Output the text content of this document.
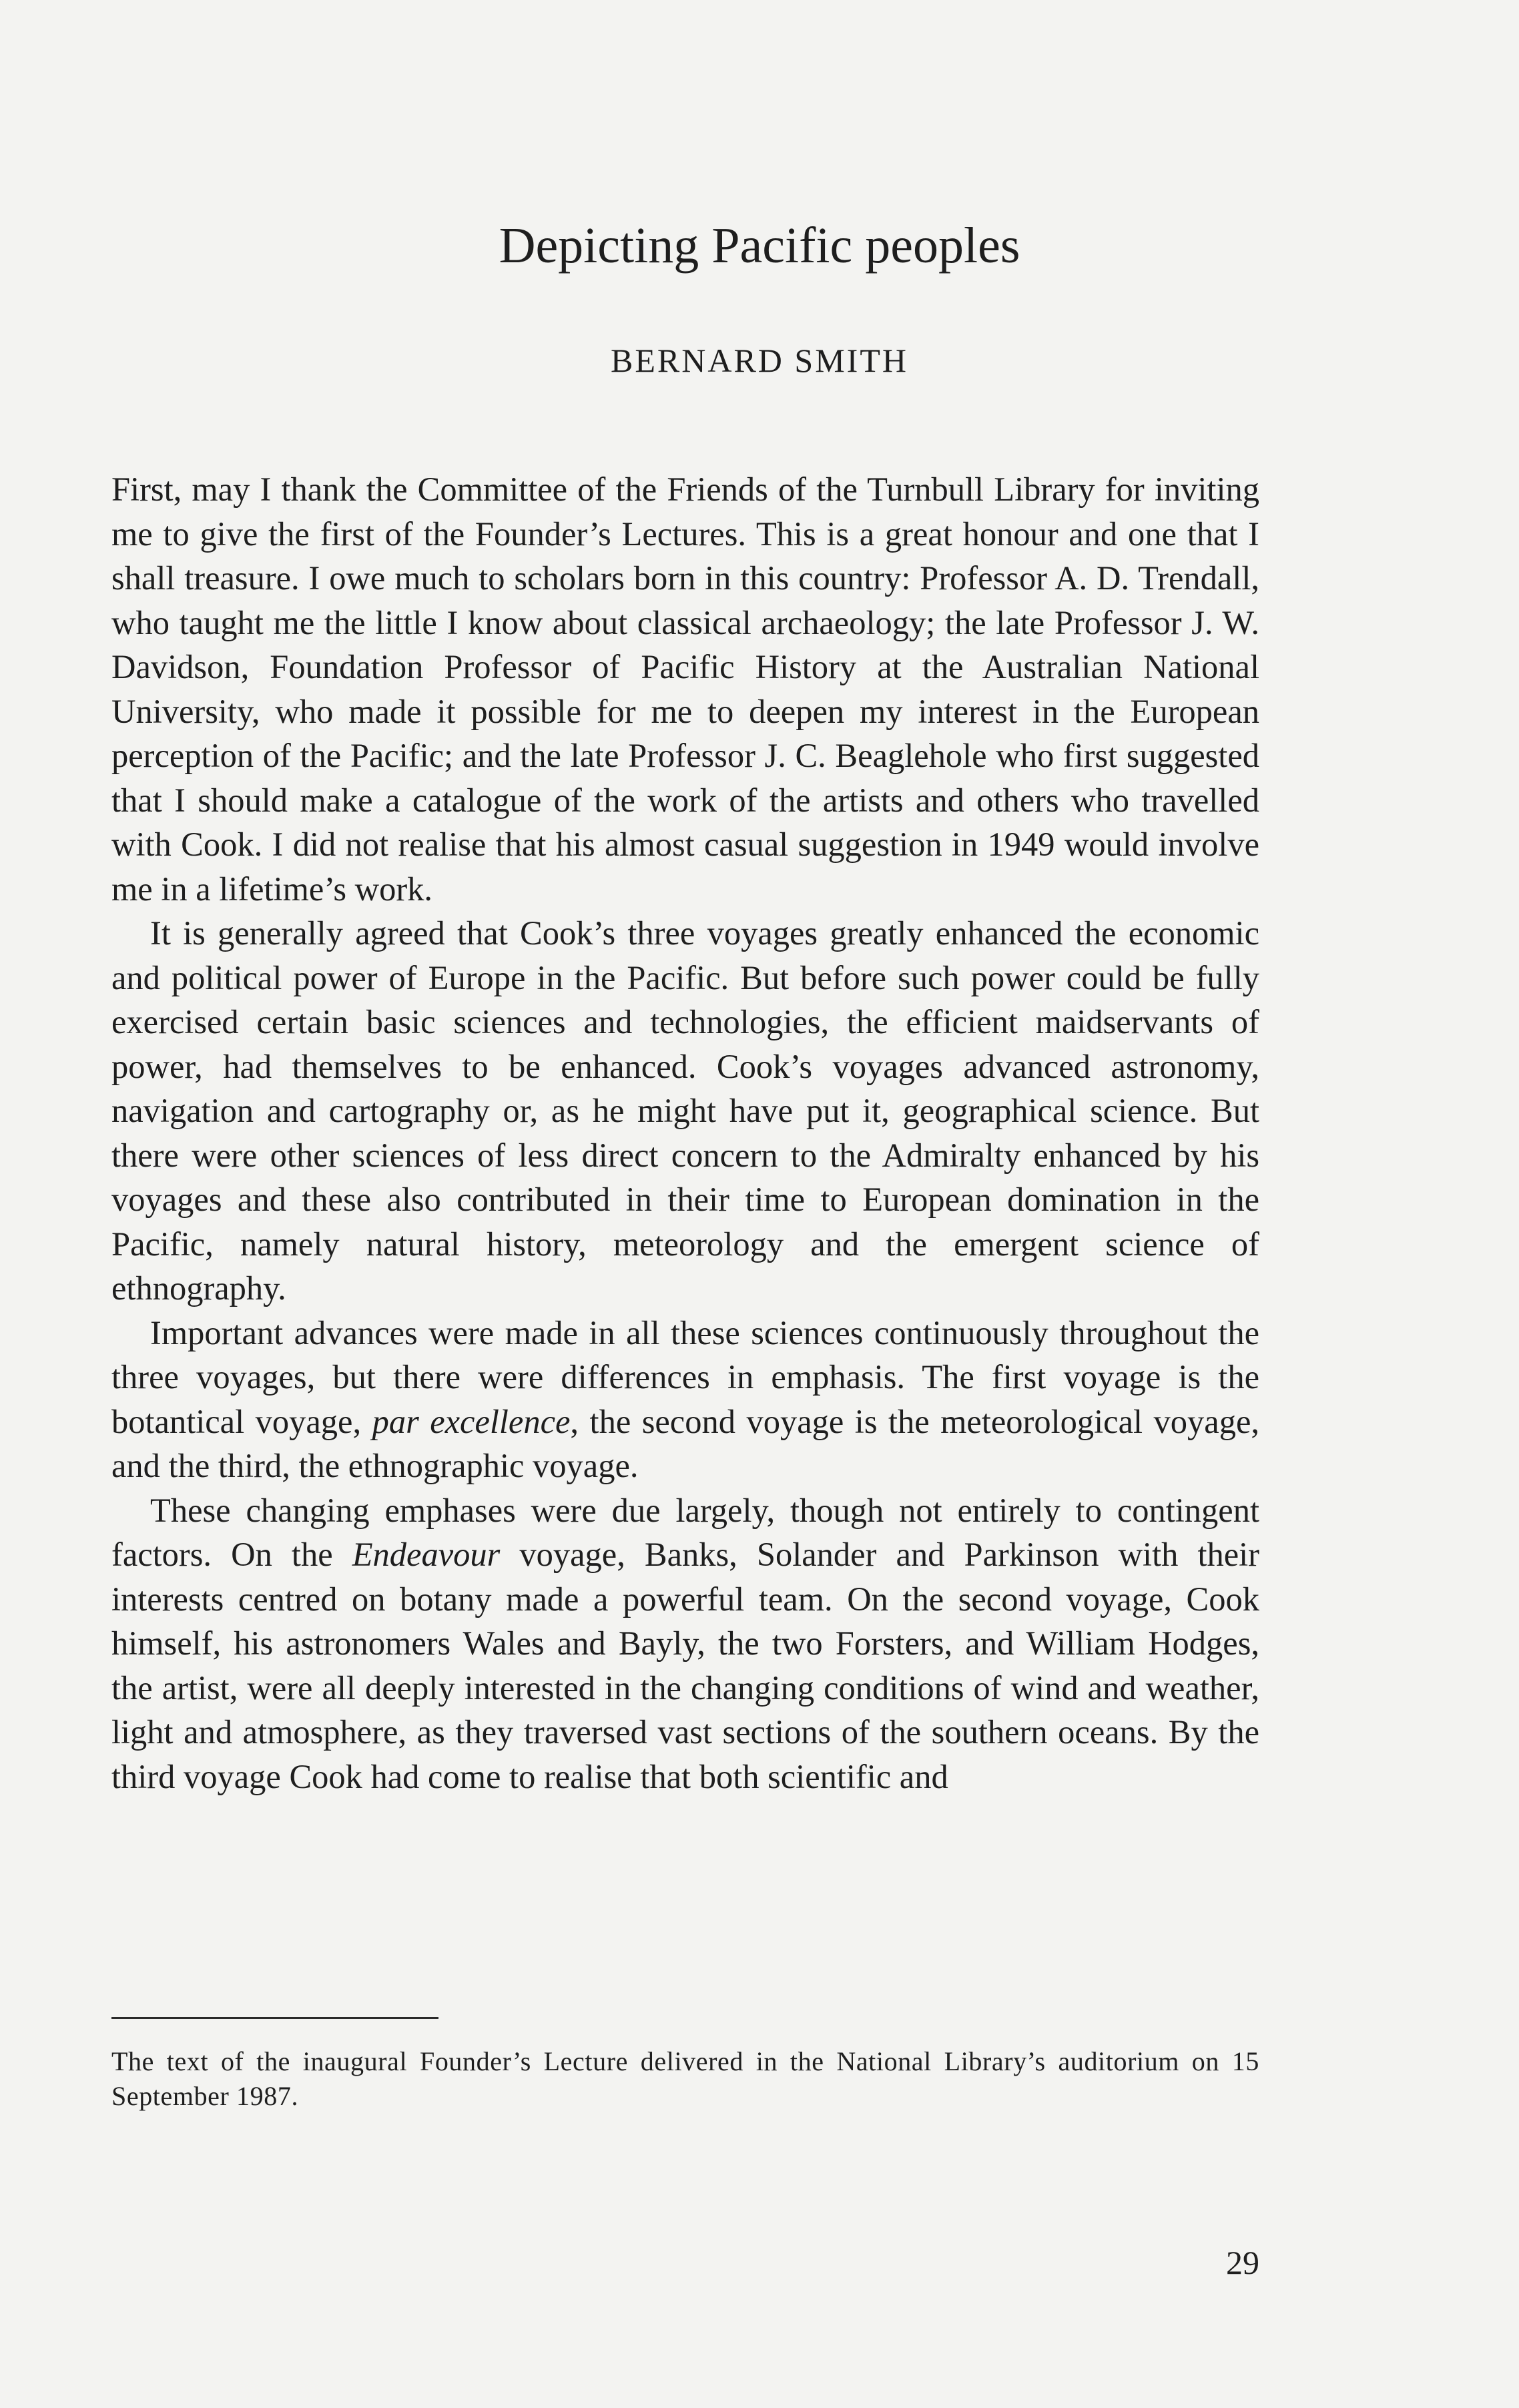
Depicting Pacific peoples
BERNARD SMITH

First, may I thank the Committee of the Friends of the Turnbull Library for inviting me to give the first of the Founder’s Lectures. This is a great honour and one that I shall treasure. I owe much to scholars born in this country: Professor A. D. Trendall, who taught me the little I know about classical archaeology; the late Professor J. W. Davidson, Foundation Professor of Pacific History at the Australian National University, who made it possible for me to deepen my interest in the European perception of the Pacific; and the late Professor J. C. Beaglehole who first suggested that I should make a catalogue of the work of the artists and others who travelled with Cook. I did not realise that his almost casual suggestion in 1949 would involve me in a lifetime’s work.

It is generally agreed that Cook’s three voyages greatly enhanced the economic and political power of Europe in the Pacific. But before such power could be fully exercised certain basic sciences and technologies, the efficient maidservants of power, had themselves to be enhanced. Cook’s voyages advanced astronomy, navigation and cartography or, as he might have put it, geographical science. But there were other sciences of less direct concern to the Admiralty enhanced by his voyages and these also contributed in their time to European domination in the Pacific, namely natural history, meteorology and the emergent science of ethnography.

Important advances were made in all these sciences continuously throughout the three voyages, but there were differences in emphasis. The first voyage is the botantical voyage, par excellence, the second voyage is the meteorological voyage, and the third, the ethnographic voyage.

These changing emphases were due largely, though not entirely to contingent factors. On the Endeavour voyage, Banks, Solander and Parkinson with their interests centred on botany made a powerful team. On the second voyage, Cook himself, his astronomers Wales and Bayly, the two Forsters, and William Hodges, the artist, were all deeply interested in the changing conditions of wind and weather, light and atmosphere, as they traversed vast sections of the southern oceans. By the third voyage Cook had come to realise that both scientific and

The text of the inaugural Founder’s Lecture delivered in the National Library’s auditorium on 15 September 1987.

29
